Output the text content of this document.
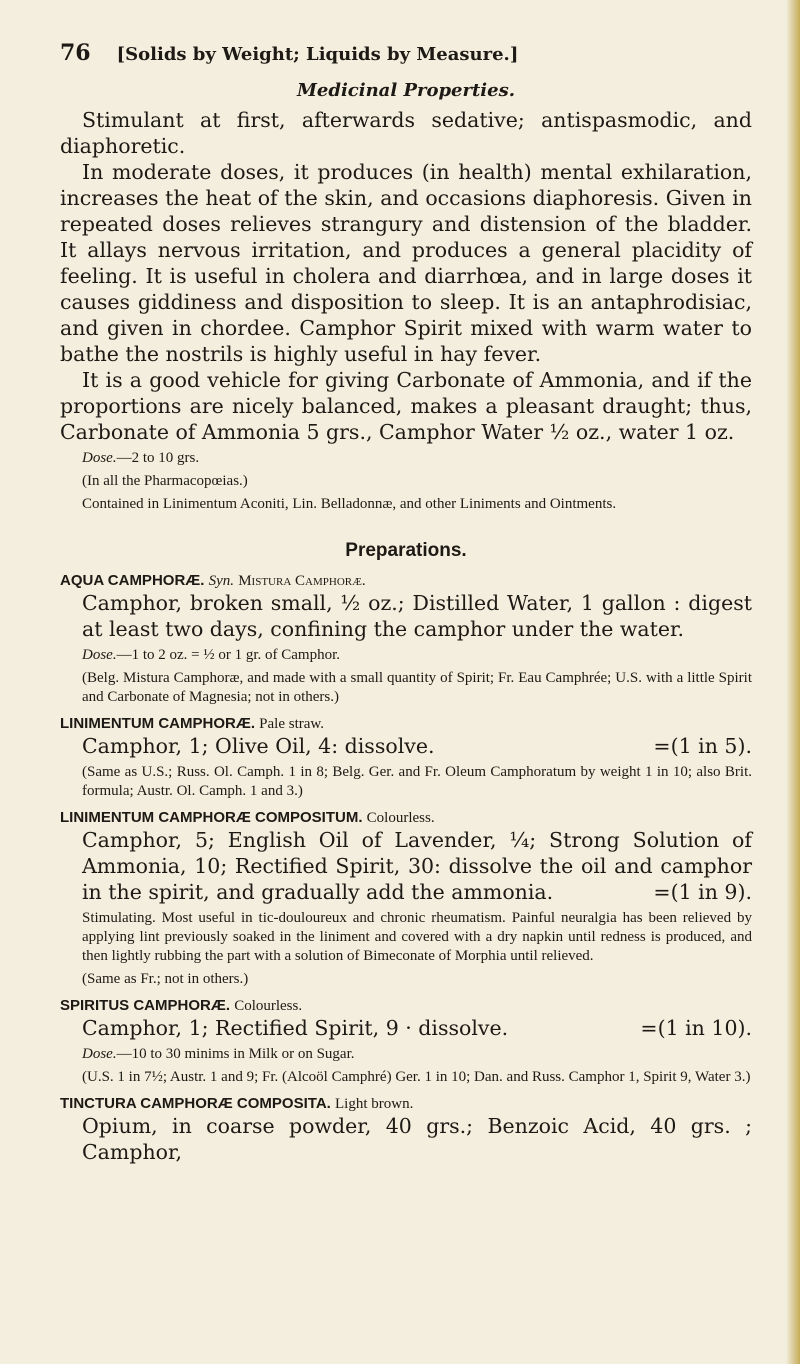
76 [Solids by Weight; Liquids by Measure.]
Medicinal Properties.

Stimulant at first, afterwards sedative; antispasmodic, and diaphoretic.

In moderate doses, it produces (in health) mental exhilaration, increases the heat of the skin, and occasions diaphoresis. Given in repeated doses relieves strangury and distension of the bladder. It allays nervous irritation, and produces a general placidity of feeling. It is useful in cholera and diarrhœa, and in large doses it causes giddiness and disposition to sleep. It is an antaphrodisiac, and given in chordee. Camphor Spirit mixed with warm water to bathe the nostrils is highly useful in hay fever.

It is a good vehicle for giving Carbonate of Ammonia, and if the proportions are nicely balanced, makes a pleasant draught; thus, Carbonate of Ammonia 5 grs., Camphor Water ½ oz., water 1 oz.

Dose.—2 to 10 grs.
(In all the Pharmacopœias.)
Contained in Linimentum Aconiti, Lin. Belladonnæ, and other Liniments and Ointments.
Preparations.
AQUA CAMPHORÆ. Syn. Mistura Camphoræ.
Camphor, broken small, ½ oz.; Distilled Water, 1 gallon : digest at least two days, confining the camphor under the water.
Dose.—1 to 2 oz. = ½ or 1 gr. of Camphor.
(Belg. Mistura Camphoræ, and made with a small quantity of Spirit; Fr. Eau Camphrée; U.S. with a little Spirit and Carbonate of Magnesia; not in others.)
LINIMENTUM CAMPHORÆ. Pale straw.
Camphor, 1; Olive Oil, 4: dissolve.	=(1 in 5).
(Same as U.S.; Russ. Ol. Camph. 1 in 8; Belg. Ger. and Fr. Oleum Camphoratum by weight 1 in 10; also Brit. formula; Austr. Ol. Camph. 1 and 3.)
LINIMENTUM CAMPHORÆ COMPOSITUM. Colourless.
Camphor, 5; English Oil of Lavender, ¼; Strong Solution of Ammonia, 10; Rectified Spirit, 30: dissolve the oil and camphor in the spirit, and gradually add the ammonia.	=(1 in 9).
Stimulating. Most useful in tic-douloureux and chronic rheumatism. Painful neuralgia has been relieved by applying lint previously soaked in the liniment and covered with a dry napkin until redness is produced, and then lightly rubbing the part with a solution of Bimeconate of Morphia until relieved.
(Same as Fr.; not in others.)
SPIRITUS CAMPHORÆ. Colourless.
Camphor, 1; Rectified Spirit, 9 · dissolve.	=(1 in 10).
Dose.—10 to 30 minims in Milk or on Sugar.
(U.S. 1 in 7½; Austr. 1 and 9; Fr. (Alcoöl Camphré) Ger. 1 in 10; Dan. and Russ. Camphor 1, Spirit 9, Water 3.)
TINCTURA CAMPHORÆ COMPOSITA. Light brown.
Opium, in coarse powder, 40 grs.; Benzoic Acid, 40 grs. ; Camphor,
